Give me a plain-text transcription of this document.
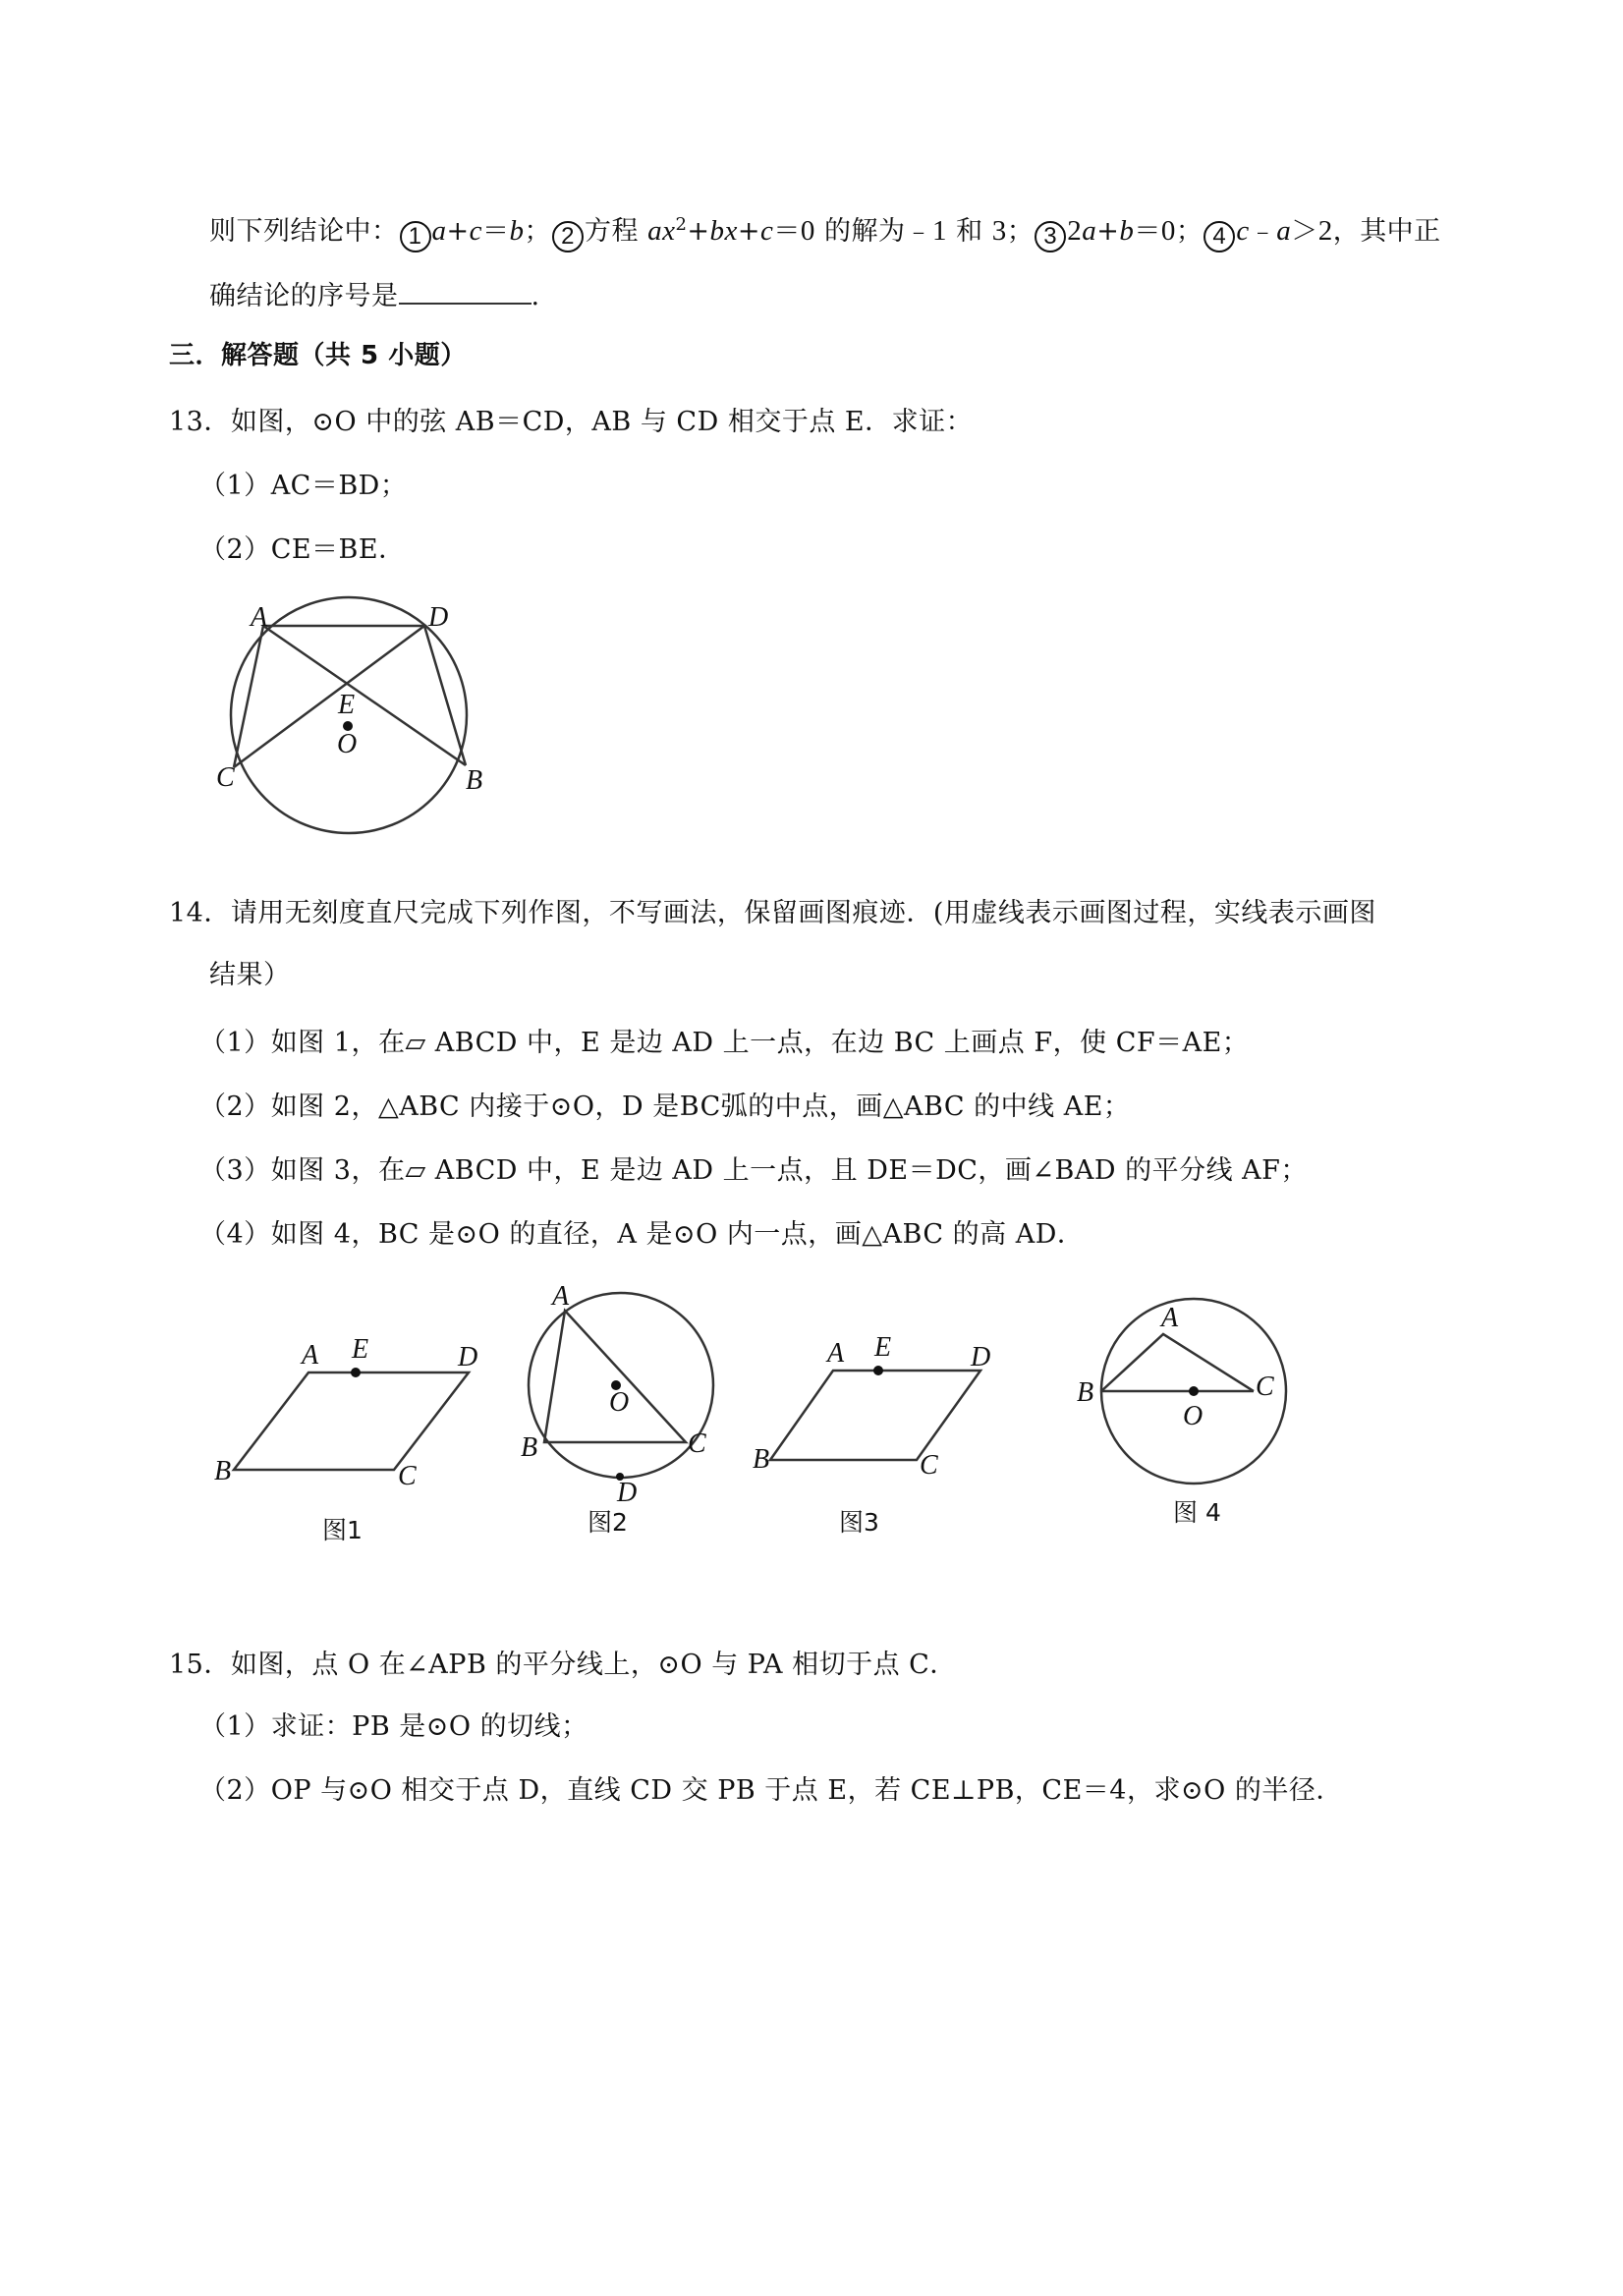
则下列结论中： 1 a+c＝b； 2 方程 $ax^2+bx+c=0$ 的解为﹣1 和 3； 3 2a+b＝0； 4 c﹣a＞2，其中正
确结论的序号是	.
三．解答题（共 5 小题）
13．如图，⊙O 中的弦 AB＝CD，AB 与 CD 相交于点 E．求证：
（1）AC＝BD；
（2）CE＝BE．
A	D
E
O
C	B
14．请用无刻度直尺完成下列作图，不写画法，保留画图痕迹．(用虚线表示画图过程，实线表示画图
结果）
（1）如图 1，在▱ ABCD 中，E 是边 AD 上一点，在边 BC 上画点 F，使 CF＝AE；
（2）如图 2，△ABC 内接于⊙O，D 是BC弧的中点，画△ABC 的中线 AE；
（3）如图 3，在▱ ABCD 中，E 是边 AD 上一点，且 DE＝DC，画∠BAD 的平分线 AF；
（4）如图 4，BC 是⊙O 的直径，A 是⊙O 内一点，画△ABC 的高 AD．
A E	D
B	C
图1
A
O
B	C
D
图2
A E	D
B	C
图3
A
B
O
C
图 4
15．如图，点 O 在∠APB 的平分线上，⊙O 与 PA 相切于点 C．
（1）求证：PB 是⊙O 的切线；
（2）OP 与⊙O 相交于点 D，直线 CD 交 PB 于点 E，若 CE⊥PB，CE＝4，求⊙O 的半径．
